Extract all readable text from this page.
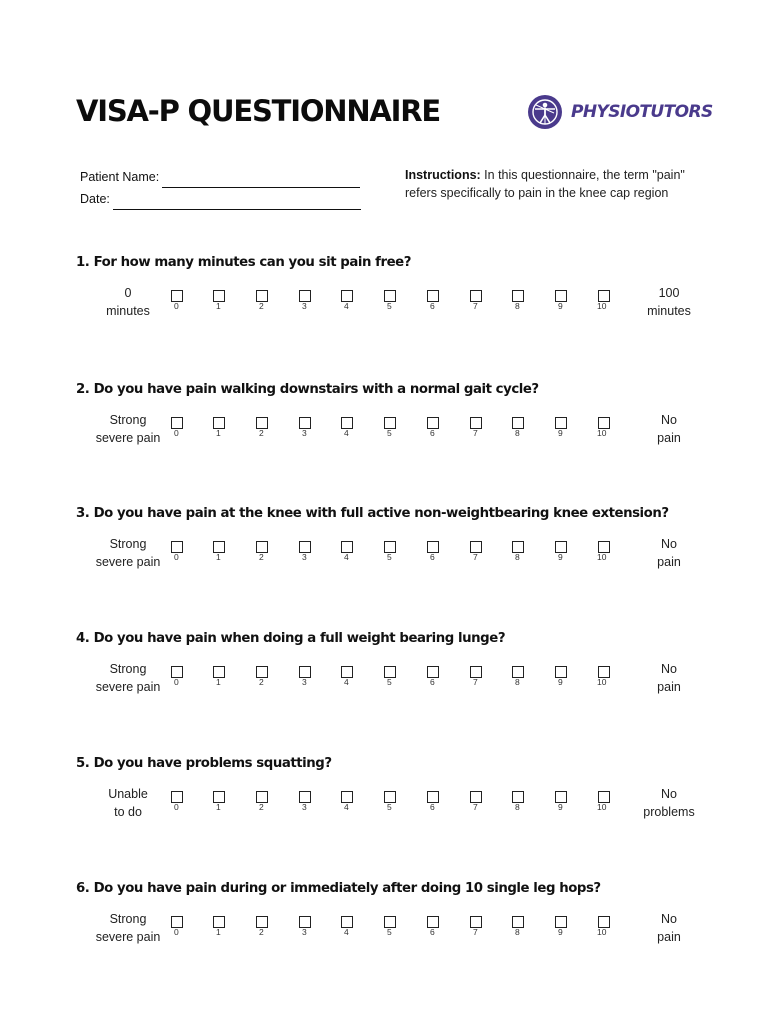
VISA-P QUESTIONNAIRE	PHYSIOTUTORS
Patient Name:
Date:
Instructions: In this questionnaire, the term "pain" refers specifically to pain in the knee cap region

1. For how many minutes can you sit pain free?

0
minutes	0	1	2	3	4	5	6	7	8	9	10
100
minutes

2. Do you have pain walking downstairs with a normal gait cycle?

Strong
severe pain	0	1	2	3	4	5	6	7	8	9	10
No
pain

3. Do you have pain at the knee with full active non-weightbearing knee extension?

Strong
severe pain	0	1	2	3	4	5	6	7	8	9	10
No
pain

4. Do you have pain when doing a full weight bearing lunge?

Strong
severe pain	0	1	2	3	4	5	6	7	8	9	10
No
pain

5. Do you have problems squatting?

Unable
to do	0	1	2	3	4	5	6	7	8	9	10
No
problems

6. Do you have pain during or immediately after doing 10 single leg hops?

Strong
severe pain	0	1	2	3	4	5	6	7	8	9	10
No
pain
